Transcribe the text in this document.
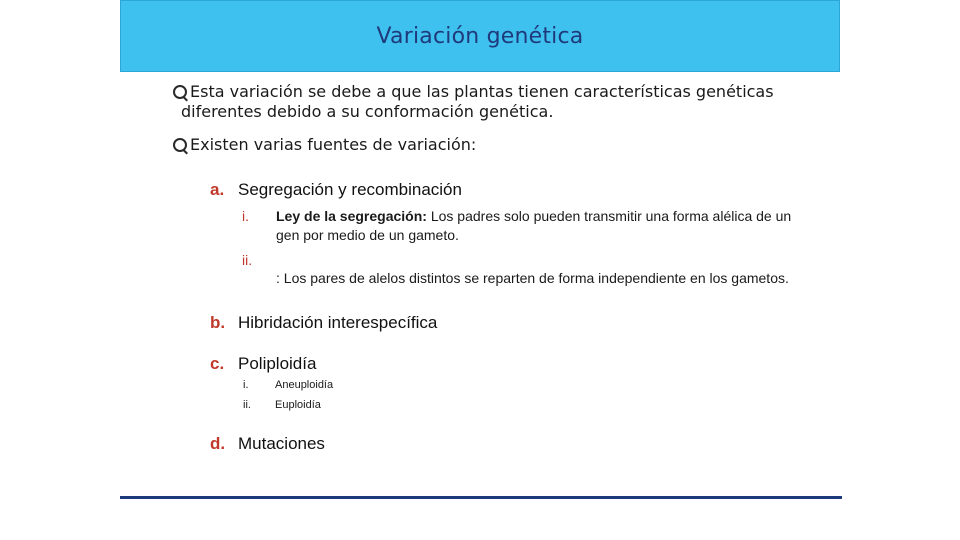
Variación genética
Esta variación se debe a que las plantas tienen características genéticas
diferentes debido a su conformación genética.
Existen varias fuentes de variación:
a. Segregación y recombinación
i. Ley de la segregación: Los padres solo pueden transmitir una forma alélica de un gen por medio de un gameto.
ii.
: Los pares de alelos distintos se reparten de forma independiente en los gametos.
b. Hibridación interespecífica
c. Poliploidía
i. Aneuploidía
ii. Euploidía
d. Mutaciones
